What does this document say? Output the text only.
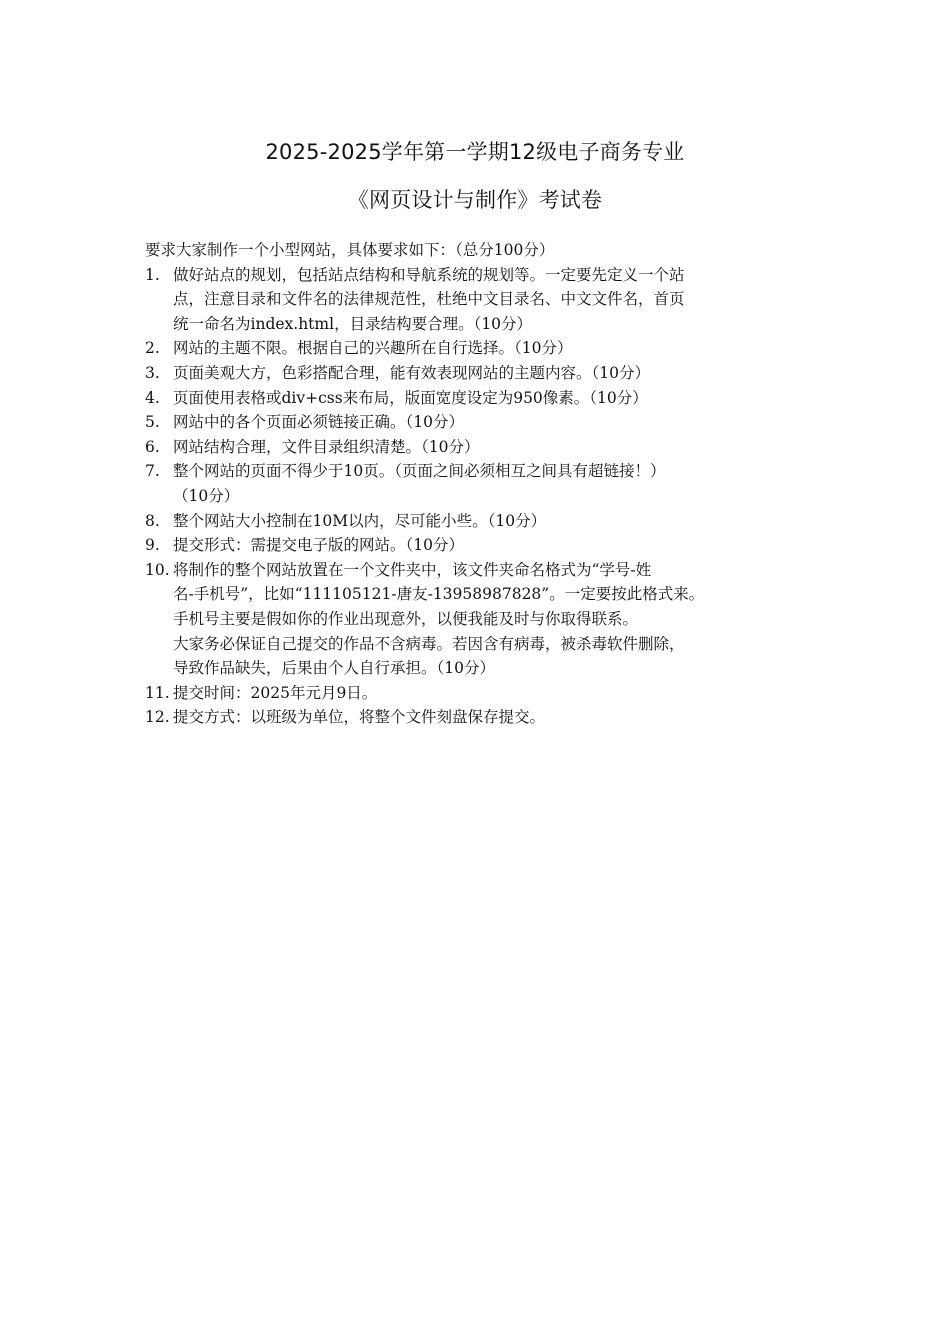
2025-2025学年第一学期12级电子商务专业
《网页设计与制作》考试卷

要求大家制作一个小型网站，具体要求如下：（总分100分）

1. 做好站点的规划，包括站点结构和导航系统的规划等。一定要先定义一个站
点，注意目录和文件名的法律规范性，杜绝中文目录名、中文文件名，首页
统一命名为index.html，目录结构要合理。（10分）
2. 网站的主题不限。根据自己的兴趣所在自行选择。（10分）
3. 页面美观大方，色彩搭配合理，能有效表现网站的主题内容。（10分）
4. 页面使用表格或div+css来布局，版面宽度设定为950像素。（10分）
5. 网站中的各个页面必须链接正确。（10分）
6. 网站结构合理，文件目录组织清楚。（10分）
7. 整个网站的页面不得少于10页。（页面之间必须相互之间具有超链接！）
（10分）
8. 整个网站大小控制在10M以内，尽可能小些。（10分）
9. 提交形式：需提交电子版的网站。（10分）
10. 将制作的整个网站放置在一个文件夹中，该文件夹命名格式为“学号-姓
名-手机号”，比如“111105121-唐友-13958987828”。一定要按此格式来。
手机号主要是假如你的作业出现意外，以便我能及时与你取得联系。
大家务必保证自己提交的作品不含病毒。若因含有病毒，被杀毒软件删除，
导致作品缺失，后果由个人自行承担。（10分）
11. 提交时间：2025年元月9日。
12. 提交方式：以班级为单位，将整个文件刻盘保存提交。
